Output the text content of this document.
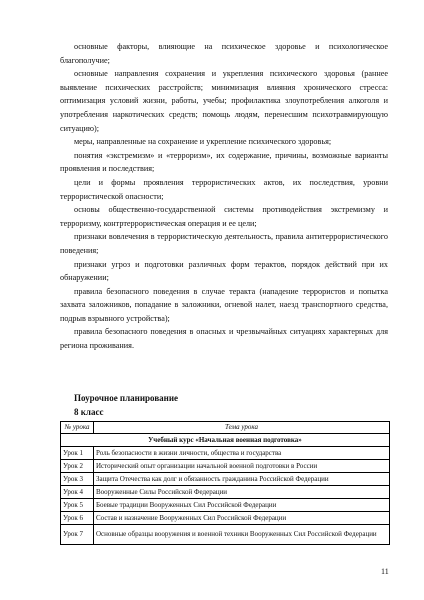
основные факторы, влияющие на психическое здоровье и психологическое благополучие;

основные направления сохранения и укрепления психического здоровья (раннее выявление психических расстройств; минимизация влияния хронического стресса: оптимизация условий жизни, работы, учебы; профилактика злоупотребления алкоголя и употребления наркотических средств; помощь людям, перенесшим психотравмирующую ситуацию);

меры, направленные на сохранение и укрепление психического здоровья;

понятия «экстремизм» и «терроризм», их содержание, причины, возможные варианты проявления и последствия;

цели и формы проявления террористических актов, их последствия, уровни террористической опасности;

основы общественно-государственной системы противодействия экстремизму и терроризму, контртеррористическая операция и ее цели;

признаки вовлечения в террористическую деятельность, правила антитеррористического поведения;

признаки угроз и подготовки различных форм терактов, порядок действий при их обнаружении;

правила безопасного поведения в случае теракта (нападение террористов и попытка захвата заложников, попадание в заложники, огневой налет, наезд транспортного средства, подрыв взрывного устройства);

правила безопасного поведения в опасных и чрезвычайных ситуациях характерных для региона проживания.

Поурочное планирование
8 класс
№ урока	Тема урока
Учебный курс «Начальная военная подготовка»	
Урок 1	Роль безопасности в жизни личности, общества и государства
Урок 2	Исторический опыт организации начальной военной подготовки в России
Урок 3	Защита Отечества как долг и обязанность гражданина Российской Федерации
Урок 4	Вооруженные Силы Российской Федерации
Урок 5	Боевые традиции Вооруженных Сил Российской Федерации
Урок 6	Состав и назначение Вооруженных Сил Российской Федерации
Урок 7	Основные образцы вооружения и военной техники Вооруженных Сил Российской Федерации
11
